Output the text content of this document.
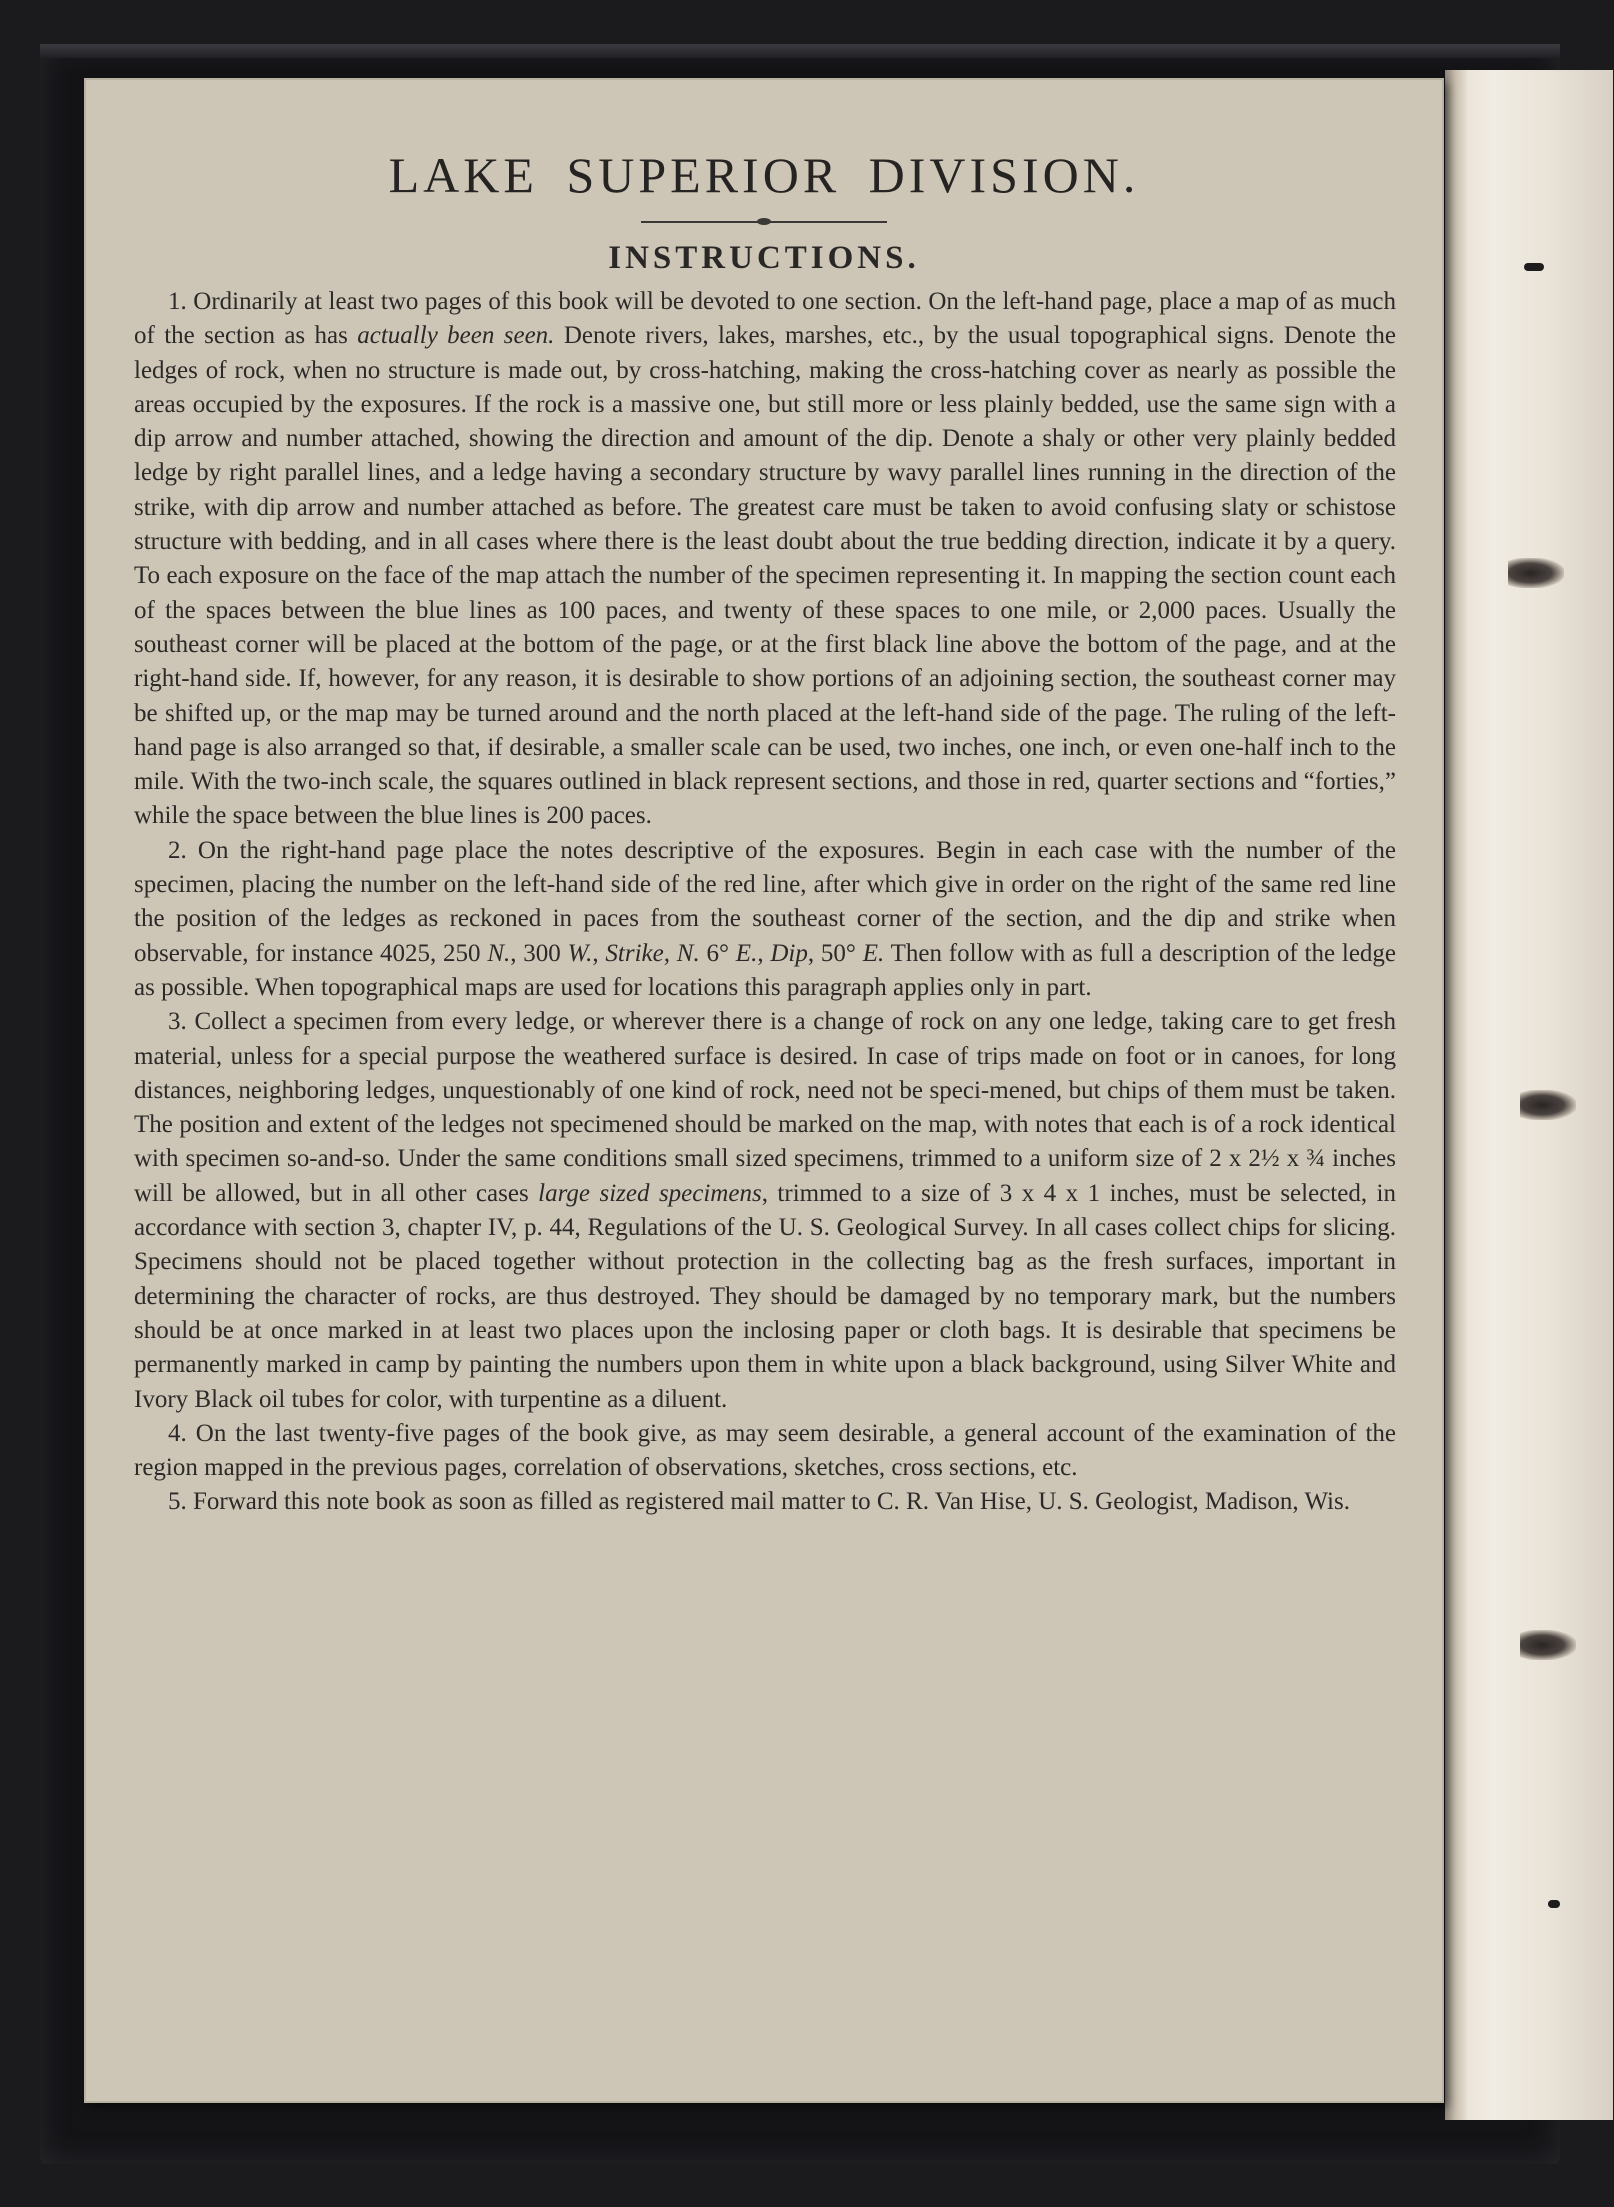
LAKE SUPERIOR DIVISION.
INSTRUCTIONS.

1. Ordinarily at least two pages of this book will be devoted to one section. On the left-hand page, place a map of as much of the section as has actually been seen. Denote rivers, lakes, marshes, etc., by the usual topographical signs. Denote the ledges of rock, when no structure is made out, by cross-hatching, making the cross-hatching cover as nearly as possible the areas occupied by the exposures. If the rock is a massive one, but still more or less plainly bedded, use the same sign with a dip arrow and number attached, showing the direction and amount of the dip. Denote a shaly or other very plainly bedded ledge by right parallel lines, and a ledge having a secondary structure by wavy parallel lines running in the direction of the strike, with dip arrow and number attached as before. The greatest care must be taken to avoid confusing slaty or schistose structure with bedding, and in all cases where there is the least doubt about the true bedding direction, indicate it by a query. To each exposure on the face of the map attach the number of the specimen representing it. In mapping the section count each of the spaces between the blue lines as 100 paces, and twenty of these spaces to one mile, or 2,000 paces. Usually the southeast corner will be placed at the bottom of the page, or at the first black line above the bottom of the page, and at the right-hand side. If, however, for any reason, it is desirable to show portions of an adjoining section, the southeast corner may be shifted up, or the map may be turned around and the north placed at the left-hand side of the page. The ruling of the left-hand page is also arranged so that, if desirable, a smaller scale can be used, two inches, one inch, or even one-half inch to the mile. With the two-inch scale, the squares outlined in black represent sections, and those in red, quarter sections and “forties,” while the space between the blue lines is 200 paces.

2. On the right-hand page place the notes descriptive of the exposures. Begin in each case with the number of the specimen, placing the number on the left-hand side of the red line, after which give in order on the right of the same red line the position of the ledges as reckoned in paces from the southeast corner of the section, and the dip and strike when observable, for instance 4025, 250 N., 300 W., Strike, N. 6° E., Dip, 50° E. Then follow with as full a description of the ledge as possible. When topographical maps are used for locations this paragraph applies only in part.

3. Collect a specimen from every ledge, or wherever there is a change of rock on any one ledge, taking care to get fresh material, unless for a special purpose the weathered surface is desired. In case of trips made on foot or in canoes, for long distances, neighboring ledges, unquestionably of one kind of rock, need not be speci-mened, but chips of them must be taken. The position and extent of the ledges not specimened should be marked on the map, with notes that each is of a rock identical with specimen so-and-so. Under the same conditions small sized specimens, trimmed to a uniform size of 2 x 2½ x ¾ inches will be allowed, but in all other cases large sized specimens, trimmed to a size of 3 x 4 x 1 inches, must be selected, in accordance with section 3, chapter IV, p. 44, Regulations of the U. S. Geological Survey. In all cases collect chips for slicing. Specimens should not be placed together without protection in the collecting bag as the fresh surfaces, important in determining the character of rocks, are thus destroyed. They should be damaged by no temporary mark, but the numbers should be at once marked in at least two places upon the inclosing paper or cloth bags. It is desirable that specimens be permanently marked in camp by painting the numbers upon them in white upon a black background, using Silver White and Ivory Black oil tubes for color, with turpentine as a diluent.

4. On the last twenty-five pages of the book give, as may seem desirable, a general account of the examination of the region mapped in the previous pages, correlation of observations, sketches, cross sections, etc.

5. Forward this note book as soon as filled as registered mail matter to C. R. Van Hise, U. S. Geologist, Madison, Wis.
